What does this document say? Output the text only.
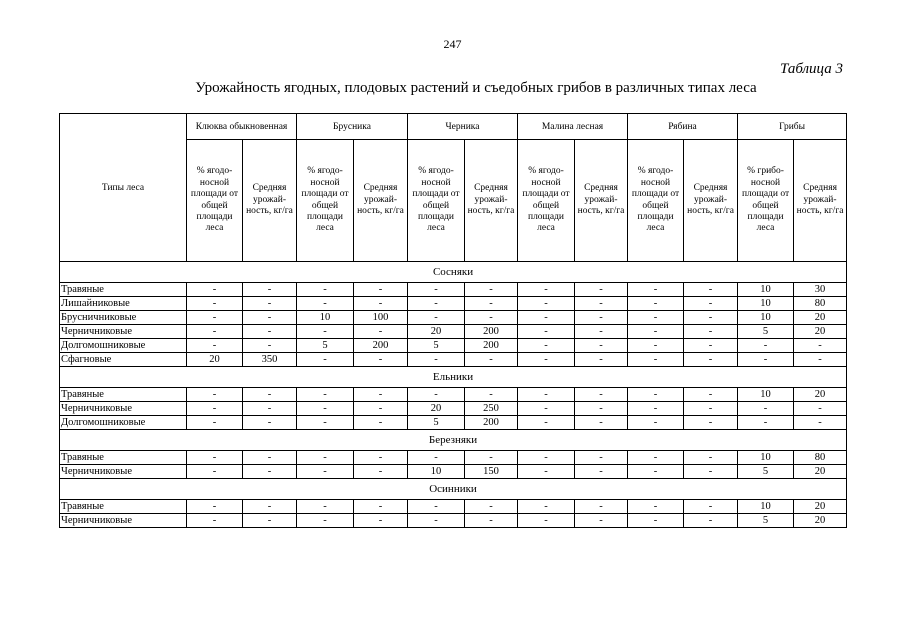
247
Таблица 3
Урожайность ягодных, плодовых растений и съедобных грибов в различных типах леса
Типы леса	Клюква обыкновенная		Брусника		Черника		Малина лесная		Рябина		Грибы	
	% ягодо-носной площади от общей площади леса	Средняя урожай-ность, кг/га	% ягодо-носной площади от общей площади леса	Средняя урожай-ность, кг/га	% ягодо-носной площади от общей площади леса	Средняя урожай-ность, кг/га	% ягодо-носной площади от общей площади леса	Средняя урожай-ность, кг/га	% ягодо-носной площади от общей площади леса	Средняя урожай-ность, кг/га	% грибо-носной площади от общей площади леса	Средняя урожай-ность, кг/га
Сосняки												
Травяные	-	-	-	-	-	-	-	-	-	-	10	30
Лишайниковые	-	-	-	-	-	-	-	-	-	-	10	80
Брусничниковые	-	-	10	100	-	-	-	-	-	-	10	20
Черничниковые	-	-	-	-	20	200	-	-	-	-	5	20
Долгомошниковые	-	-	5	200	5	200	-	-	-	-	-	-
Сфагновые	20	350	-	-	-	-	-	-	-	-	-	-
Ельники												
Травяные	-	-	-	-	-	-	-	-	-	-	10	20
Черничниковые	-	-	-	-	20	250	-	-	-	-	-	-
Долгомошниковые	-	-	-	-	5	200	-	-	-	-	-	-
Березняки												
Травяные	-	-	-	-	-	-	-	-	-	-	10	80
Черничниковые	-	-	-	-	10	150	-	-	-	-	5	20
Осинники												
Травяные	-	-	-	-	-	-	-	-	-	-	10	20
Черничниковые	-	-	-	-	-	-	-	-	-	-	5	20
